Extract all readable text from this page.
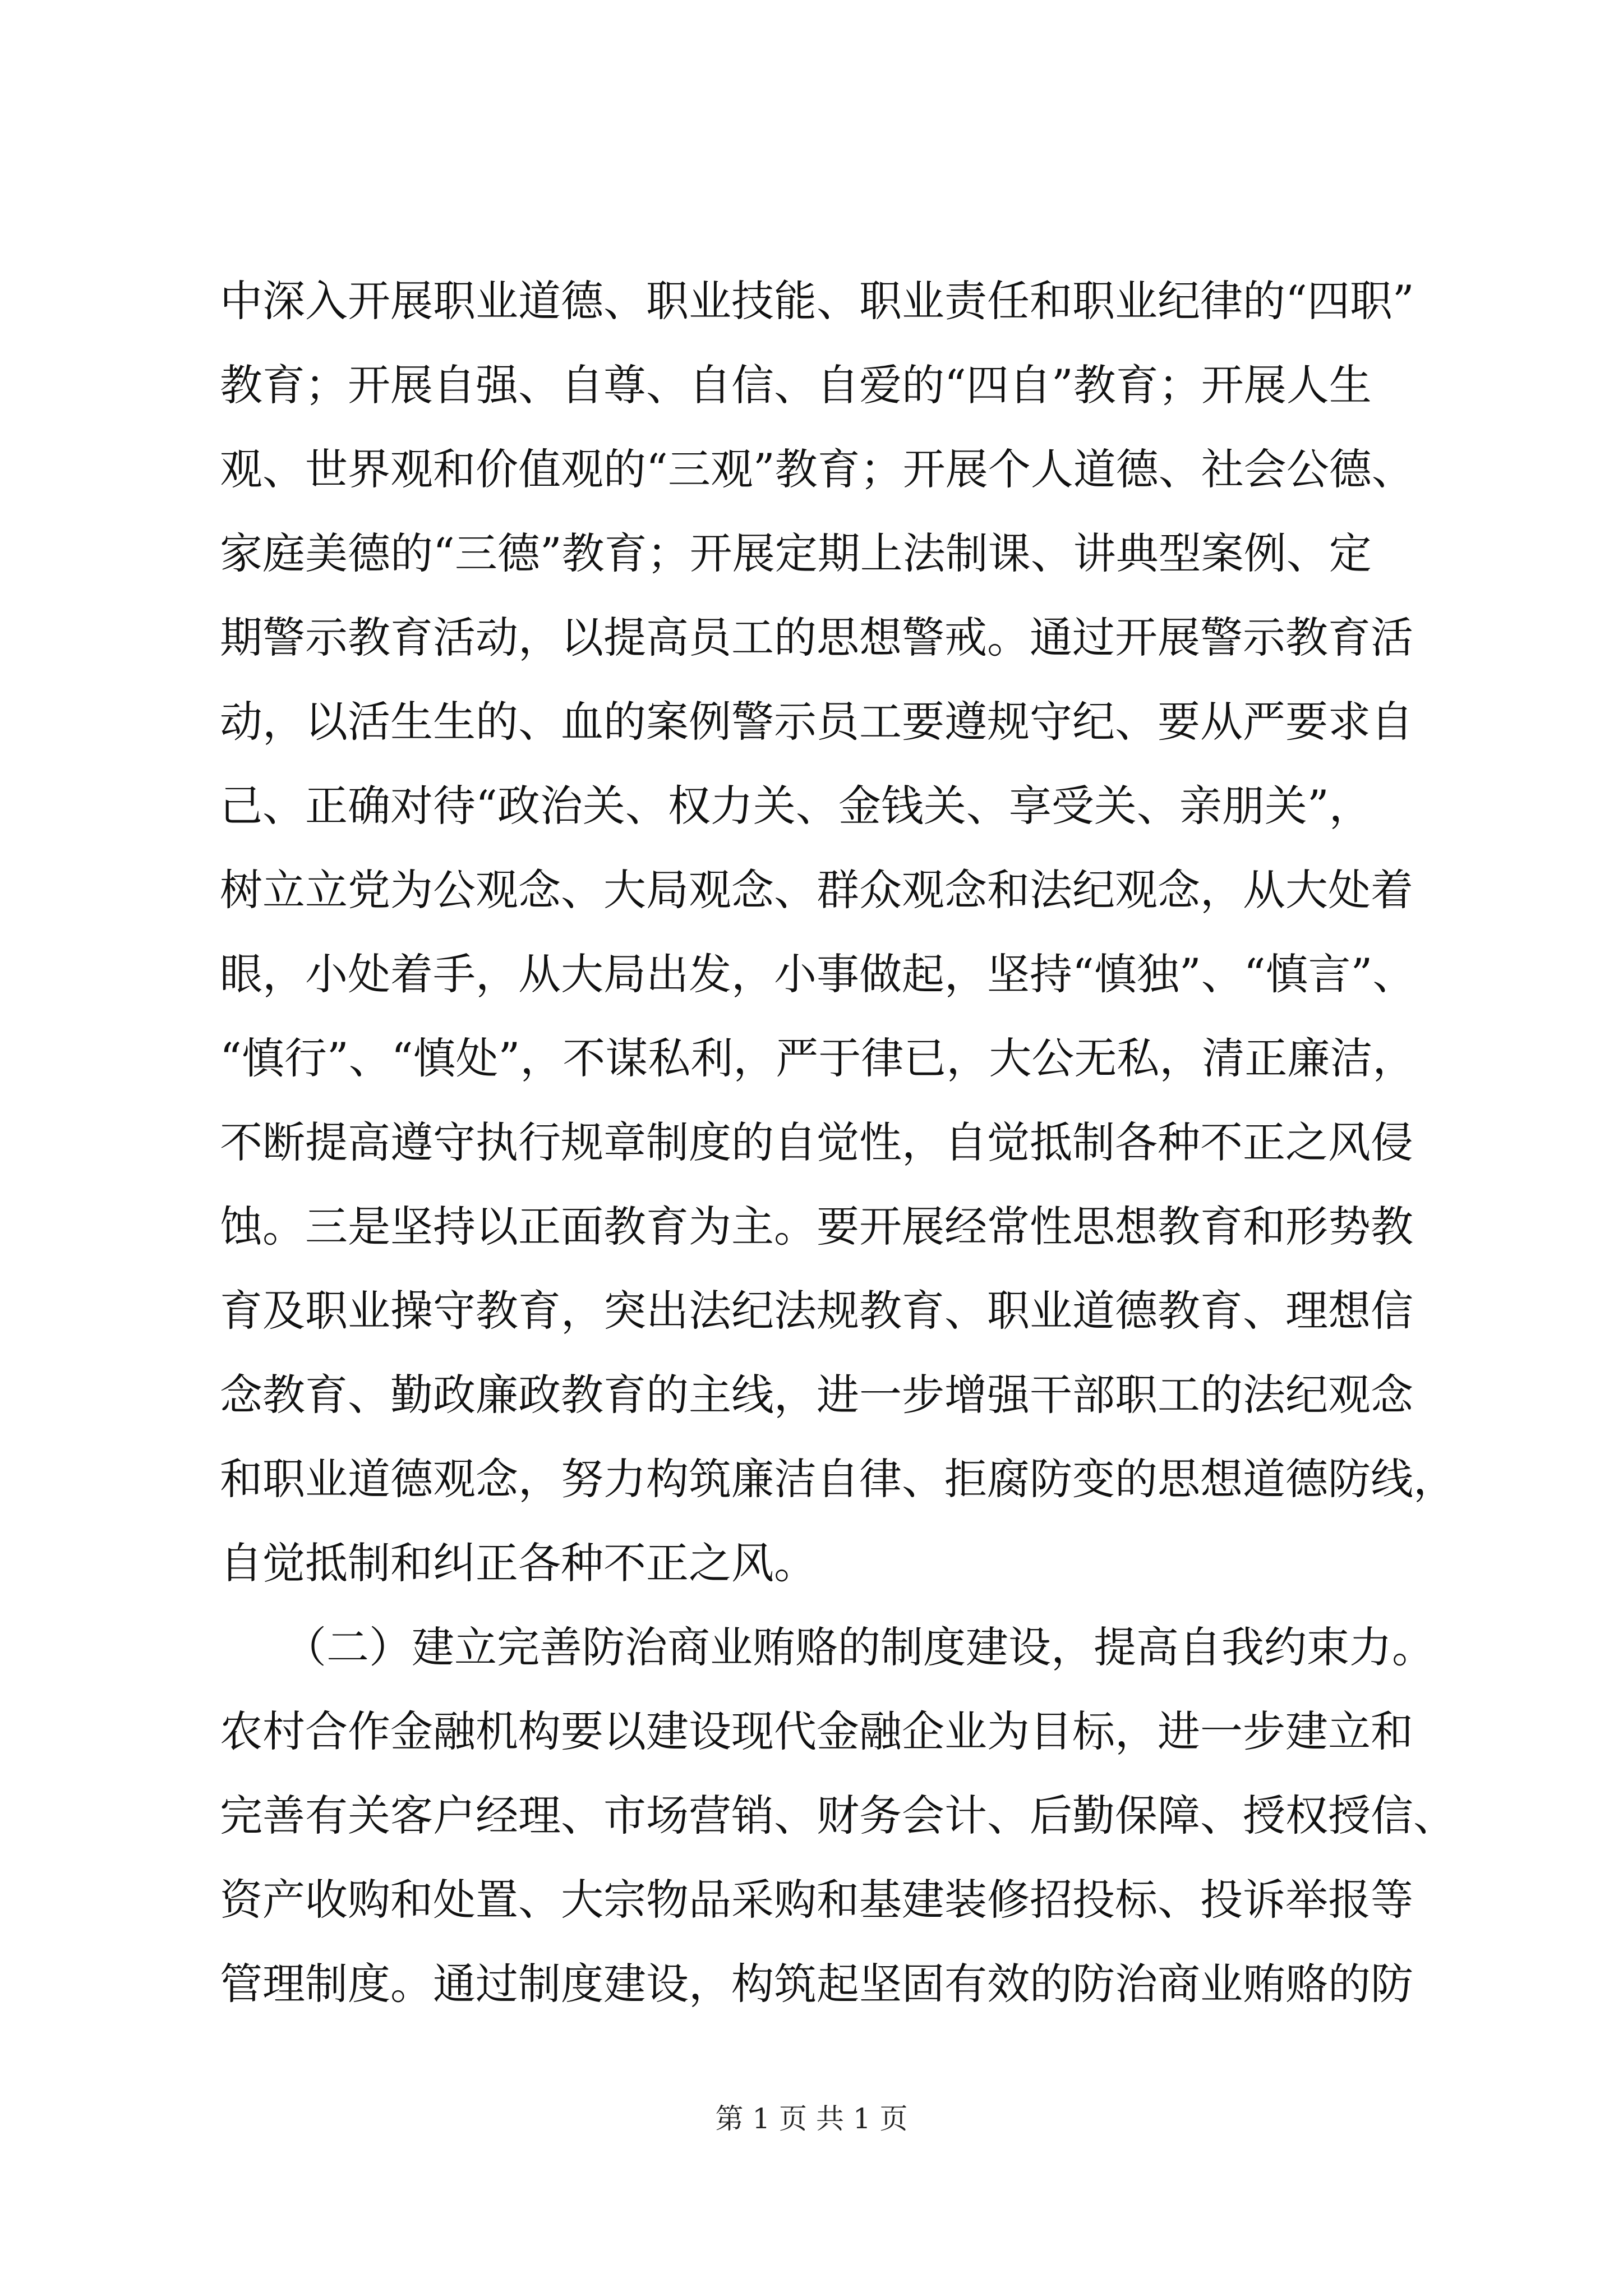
中深入开展职业道德、职业技能、职业责任和职业纪律的“四职”
教育；开展自强、自尊、自信、自爱的“四自”教育；开展人生
观、世界观和价值观的“三观”教育；开展个人道德、社会公德、
家庭美德的“三德”教育；开展定期上法制课、讲典型案例、定
期警示教育活动，以提高员工的思想警戒。通过开展警示教育活
动，以活生生的、血的案例警示员工要遵规守纪、要从严要求自
己、正确对待“政治关、权力关、金钱关、享受关、亲朋关”，
树立立党为公观念、大局观念、群众观念和法纪观念，从大处着
眼，小处着手，从大局出发，小事做起，坚持“慎独”、“慎言”、
“慎行”、“慎处”，不谋私利，严于律已，大公无私，清正廉洁，
不断提高遵守执行规章制度的自觉性，自觉抵制各种不正之风侵
蚀。三是坚持以正面教育为主。要开展经常性思想教育和形势教
育及职业操守教育，突出法纪法规教育、职业道德教育、理想信
念教育、勤政廉政教育的主线，进一步增强干部职工的法纪观念
和职业道德观念，努力构筑廉洁自律、拒腐防变的思想道德防线，
自觉抵制和纠正各种不正之风。
　　（二）建立完善防治商业贿赂的制度建设，提高自我约束力。
农村合作金融机构要以建设现代金融企业为目标，进一步建立和
完善有关客户经理、市场营销、财务会计、后勤保障、授权授信、
资产收购和处置、大宗物品采购和基建装修招投标、投诉举报等
管理制度。通过制度建设，构筑起坚固有效的防治商业贿赂的防
第 1 页 共 1 页
